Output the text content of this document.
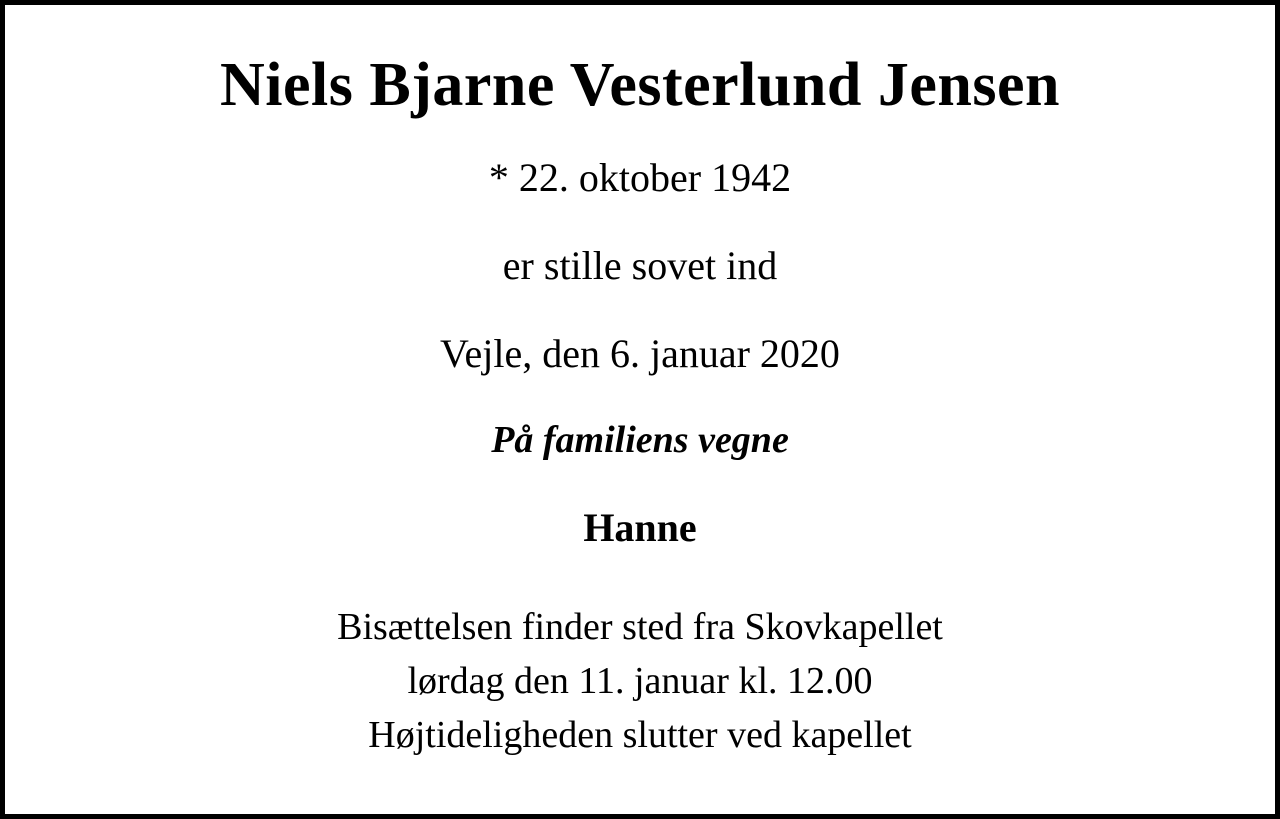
Niels Bjarne Vesterlund Jensen
* 22. oktober 1942
er stille sovet ind
Vejle, den 6. januar 2020
På familiens vegne
Hanne
Bisættelsen finder sted fra Skovkapellet
lørdag den 11. januar kl. 12.00
Højtideligheden slutter ved kapellet
